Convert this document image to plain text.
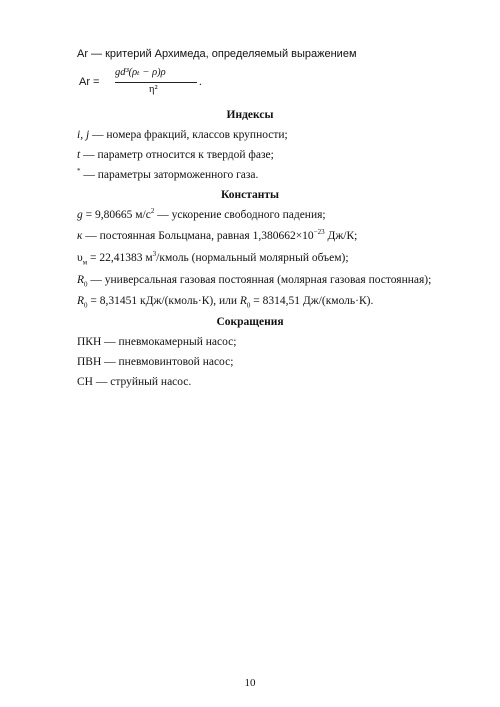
Ar — критерий Архимеда, определяемый выражением
Ar =
gd³(ρₜ − ρ)ρ
η²
.
Индексы
i, j — номера фракций, классов крупности;
t — параметр относится к твердой фазе;
* — параметры заторможенного газа.
Константы
g = 9,80665 $м/с^2$ — ускорение свободного падения;
к — постоянная Больцмана, равная $1,380662\times 10^{-23}$ Дж/К;
$\upsilon_м = 22,41383$ $м^3$/кмоль (нормальный молярный объем);
$R_0$ — универсальная газовая постоянная (молярная газовая постоянная);
$R_0 = 8,31451$ кДж/(кмоль·К), или $R_0 = 8314,51$ Дж/(кмоль·К).
Сокращения
ПКН — пневмокамерный насос;
ПВН — пневмовинтовой насос;
СН — струйный насос.
10
